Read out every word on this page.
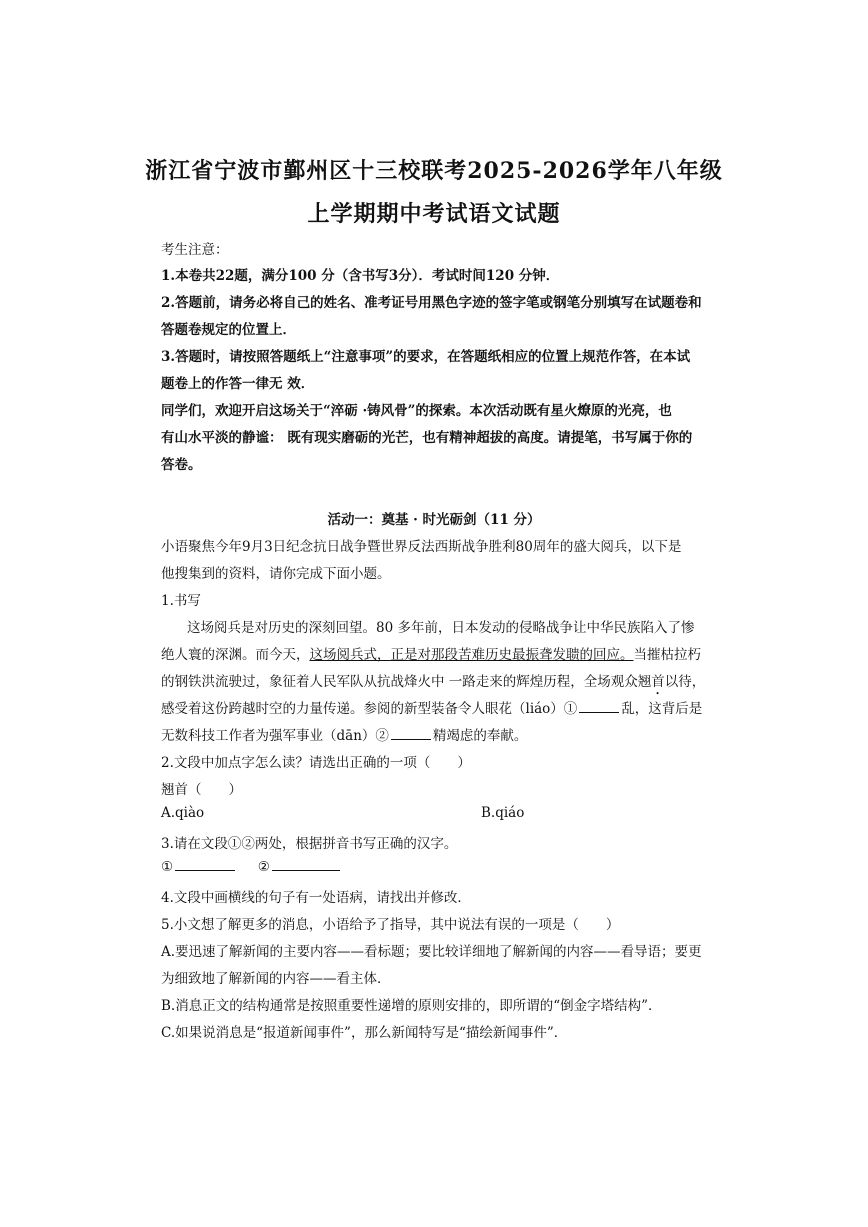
浙江省宁波市鄞州区十三校联考2025-2026学年八年级
上学期期中考试语文试题
考生注意：
1.本卷共22题，满分100 分（含书写3分）．考试时间120 分钟．
2.答题前，请务必将自己的姓名、准考证号用黑色字迹的签字笔或钢笔分别填写在试题卷和
答题卷规定的位置上．
3.答题时，请按照答题纸上“注意事项”的要求，在答题纸相应的位置上规范作答，在本试
题卷上的作答一律无 效．
同学们，欢迎开启这场关于“淬砺 ·铸风骨”的探索。本次活动既有星火燎原的光亮，也
有山水平淡的静谧： 既有现实磨砺的光芒，也有精神超拔的高度。请提笔，书写属于你的
答卷。
活动一：奠基 · 时光砺剑（11 分）
小语聚焦今年9月3日纪念抗日战争暨世界反法西斯战争胜利80周年的盛大阅兵，以下是
他搜集到的资料，请你完成下面小题。
1.书写
这场阅兵是对历史的深刻回望。80 多年前，日本发动的侵略战争让中华民族陷入了惨
绝人寰的深渊。而今天，这场阅兵式，正是对那段苦难历史最振聋发聩的回应。当摧枯拉朽
的钢铁洪流驶过，象征着人民军队从抗战烽火中 一路走来的辉煌历程，全场观众翘首以待，
感受着这份跨越时空的力量传递。参阅的新型装备令人眼花（liáo）①	乱，这背后是
无数科技工作者为强军事业（dān）②	精竭虑的奉献。
2.文段中加点字怎么读？请选出正确的一项（　　）
翘首（　　）
A.qiào	B.qiáo
3.请在文段①②两处，根据拼音书写正确的汉字。
①	②
4.文段中画横线的句子有一处语病，请找出并修改．
5.小文想了解更多的消息，小语给予了指导，其中说法有误的一项是（　　）
A.要迅速了解新闻的主要内容——看标题；要比较详细地了解新闻的内容——看导语；要更
为细致地了解新闻的内容——看主体．
B.消息正文的结构通常是按照重要性递增的原则安排的，即所谓的“倒金字塔结构”．
C.如果说消息是“报道新闻事件”，那么新闻特写是“描绘新闻事件”．
